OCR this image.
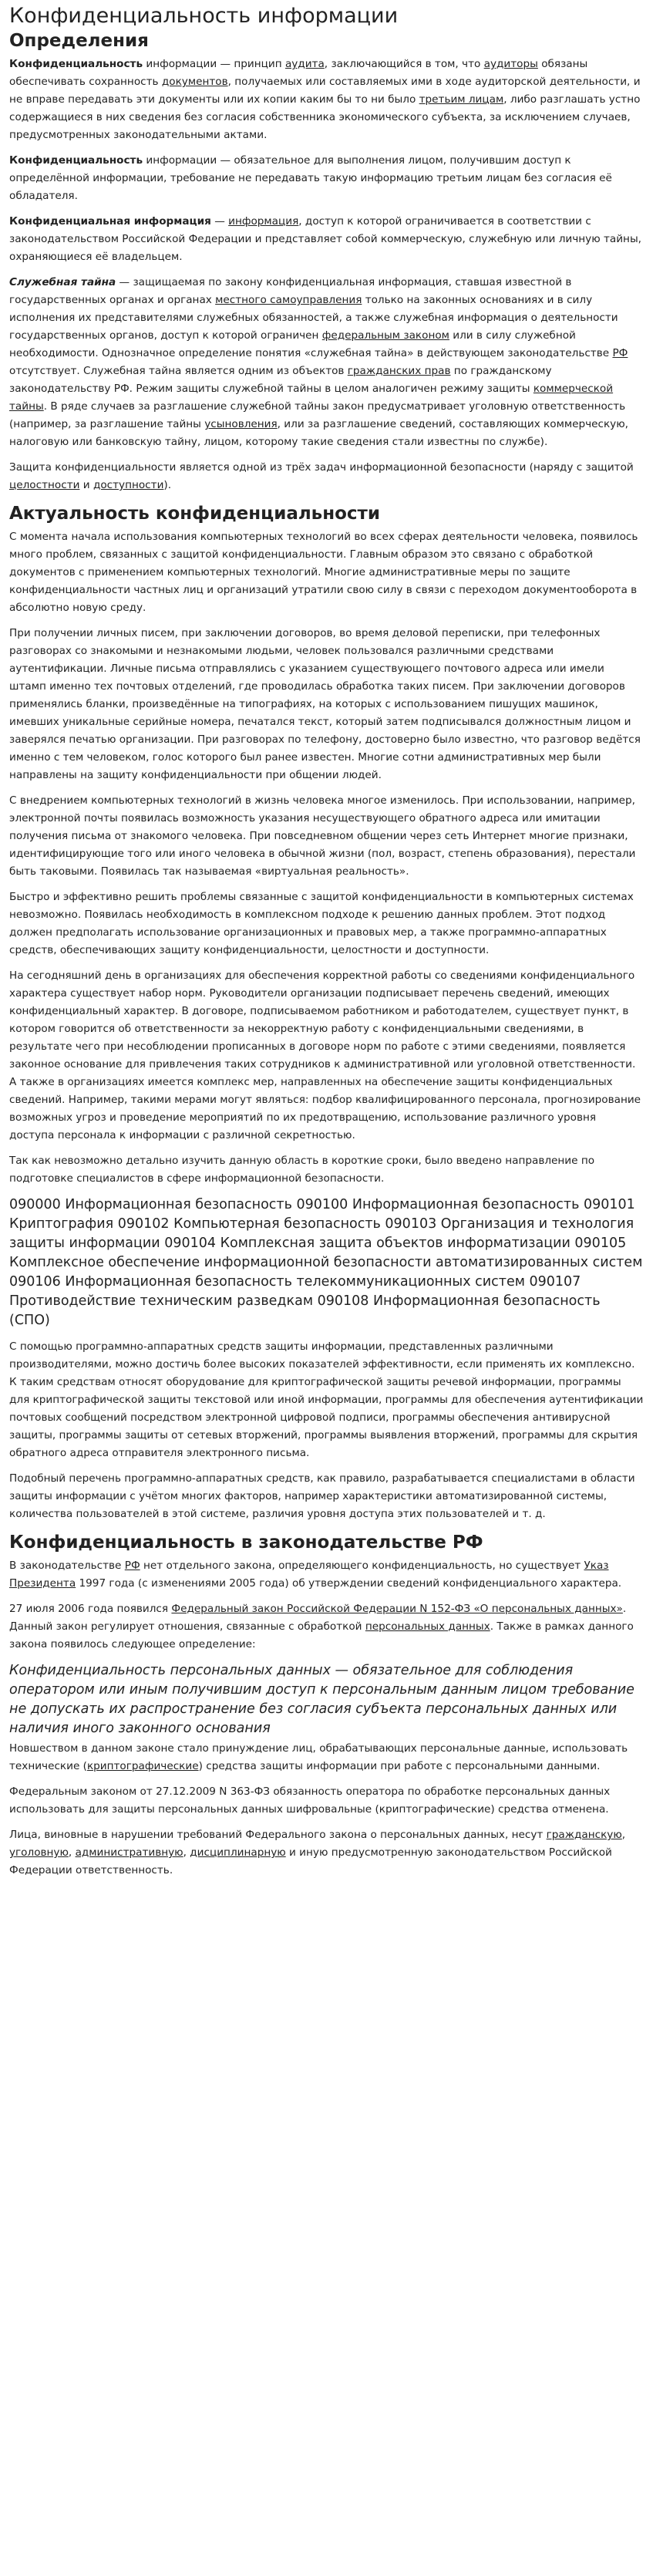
Конфиденциальность информации
Определения

Конфиденциальность информации — принцип аудита, заключающийся в том, что аудиторы обязаны обеспечивать сохранность документов, получаемых или составляемых ими в ходе аудиторской деятельности, и не вправе передавать эти документы или их копии каким бы то ни было третьим лицам, либо разглашать устно содержащиеся в них сведения без согласия собственника экономического субъекта, за исключением случаев, предусмотренных законодательными актами.

Конфиденциальность информации — обязательное для выполнения лицом, получившим доступ к определённой информации, требование не передавать такую информацию третьим лицам без согласия её обладателя.

Конфиденциальная информация — информация, доступ к которой ограничивается в соответствии с законодательством Российской Федерации и представляет собой коммерческую, служебную или личную тайны, охраняющиеся её владельцем.

Служебная тайна — защищаемая по закону конфиденциальная информация, ставшая известной в государственных органах и органах местного самоуправления только на законных основаниях и в силу исполнения их представителями служебных обязанностей, а также служебная информация о деятельности государственных органов, доступ к которой ограничен федеральным законом или в силу служебной необходимости. Однозначное определение понятия «служебная тайна» в действующем законодательстве РФ отсутствует. Служебная тайна является одним из объектов гражданских прав по гражданскому законодательству РФ. Режим защиты служебной тайны в целом аналогичен режиму защиты коммерческой тайны. В ряде случаев за разглашение служебной тайны закон предусматривает уголовную ответственность (например, за разглашение тайны усыновления, или за разглашение сведений, составляющих коммерческую, налоговую или банковскую тайну, лицом, которому такие сведения стали известны по службе).

Защита конфиденциальности является одной из трёх задач информационной безопасности (наряду с защитой целостности и доступности).

Актуальность конфиденциальности

С момента начала использования компьютерных технологий во всех сферах деятельности человека, появилось много проблем, связанных с защитой конфиденциальности. Главным образом это связано с обработкой документов с применением компьютерных технологий. Многие административные меры по защите конфиденциальности частных лиц и организаций утратили свою силу в связи с переходом документооборота в абсолютно новую среду.

При получении личных писем, при заключении договоров, во время деловой переписки, при телефонных разговорах со знакомыми и незнакомыми людьми, человек пользовался различными средствами аутентификации. Личные письма отправлялись с указанием существующего почтового адреса или имели штамп именно тех почтовых отделений, где проводилась обработка таких писем. При заключении договоров применялись бланки, произведённые на типографиях, на которых с использованием пишущих машинок, имевших уникальные серийные номера, печатался текст, который затем подписывался должностным лицом и заверялся печатью организации. При разговорах по телефону, достоверно было известно, что разговор ведётся именно с тем человеком, голос которого был ранее известен. Многие сотни административных мер были направлены на защиту конфиденциальности при общении людей.

С внедрением компьютерных технологий в жизнь человека многое изменилось. При использовании, например, электронной почты появилась возможность указания несуществующего обратного адреса или имитации получения письма от знакомого человека. При повседневном общении через сеть Интернет многие признаки, идентифицирующие того или иного человека в обычной жизни (пол, возраст, степень образования), перестали быть таковыми. Появилась так называемая «виртуальная реальность».

Быстро и эффективно решить проблемы связанные с защитой конфиденциальности в компьютерных системах невозможно. Появилась необходимость в комплексном подходе к решению данных проблем. Этот подход должен предполагать использование организационных и правовых мер, а также программно-аппаратных средств, обеспечивающих защиту конфиденциальности, целостности и доступности.

На сегодняшний день в организациях для обеспечения корректной работы со сведениями конфиденциального характера существует набор норм. Руководители организации подписывает перечень сведений, имеющих конфиденциальный характер. В договоре, подписываемом работником и работодателем, существует пункт, в котором говорится об ответственности за некорректную работу с конфиденциальными сведениями, в результате чего при несоблюдении прописанных в договоре норм по работе с этими сведениями, появляется законное основание для привлечения таких сотрудников к административной или уголовной ответственности. А также в организациях имеется комплекс мер, направленных на обеспечение защиты конфиденциальных сведений. Например, такими мерами могут являться: подбор квалифицированного персонала, прогнозирование возможных угроз и проведение мероприятий по их предотвращению, использование различного уровня доступа персонала к информации с различной секретностью.

Так как невозможно детально изучить данную область в короткие сроки, было введено направление по подготовке специалистов в сфере информационной безопасности.

090000 Информационная безопасность 090100 Информационная безопасность 090101 Криптография 090102 Компьютерная безопасность 090103 Организация и технология защиты информации 090104 Комплексная защита объектов информатизации 090105 Комплексное обеспечение информационной безопасности автоматизированных систем 090106 Информационная безопасность телекоммуникационных систем 090107 Противодействие техническим разведкам 090108 Информационная безопасность (СПО)

С помощью программно-аппаратных средств защиты информации, представленных различными производителями, можно достичь более высоких показателей эффективности, если применять их комплексно. К таким средствам относят оборудование для криптографической защиты речевой информации, программы для криптографической защиты текстовой или иной информации, программы для обеспечения аутентификации почтовых сообщений посредством электронной цифровой подписи, программы обеспечения антивирусной защиты, программы защиты от сетевых вторжений, программы выявления вторжений, программы для скрытия обратного адреса отправителя электронного письма.

Подобный перечень программно-аппаратных средств, как правило, разрабатывается специалистами в области защиты информации с учётом многих факторов, например характеристики автоматизированной системы, количества пользователей в этой системе, различия уровня доступа этих пользователей и т. д.

Конфиденциальность в законодательстве РФ

В законодательстве РФ нет отдельного закона, определяющего конфиденциальность, но существует Указ Президента 1997 года (с изменениями 2005 года) об утверждении сведений конфиденциального характера.

27 июля 2006 года появился Федеральный закон Российской Федерации N 152-ФЗ «О персональных данных». Данный закон регулирует отношения, связанные с обработкой персональных данных. Также в рамках данного закона появилось следующее определение:

Конфиденциальность персональных данных — обязательное для соблюдения оператором или иным получившим доступ к персональным данным лицом требование не допускать их распространение без согласия субъекта персональных данных или наличия иного законного основания

Новшеством в данном законе стало принуждение лиц, обрабатывающих персональные данные, использовать технические (криптографические) средства защиты информации при работе с персональными данными.

Федеральным законом от 27.12.2009 N 363-ФЗ обязанность оператора по обработке персональных данных использовать для защиты персональных данных шифровальные (криптографические) средства отменена.

Лица, виновные в нарушении требований Федерального закона о персональных данных, несут гражданскую, уголовную, административную, дисциплинарную и иную предусмотренную законодательством Российской Федерации ответственность.
